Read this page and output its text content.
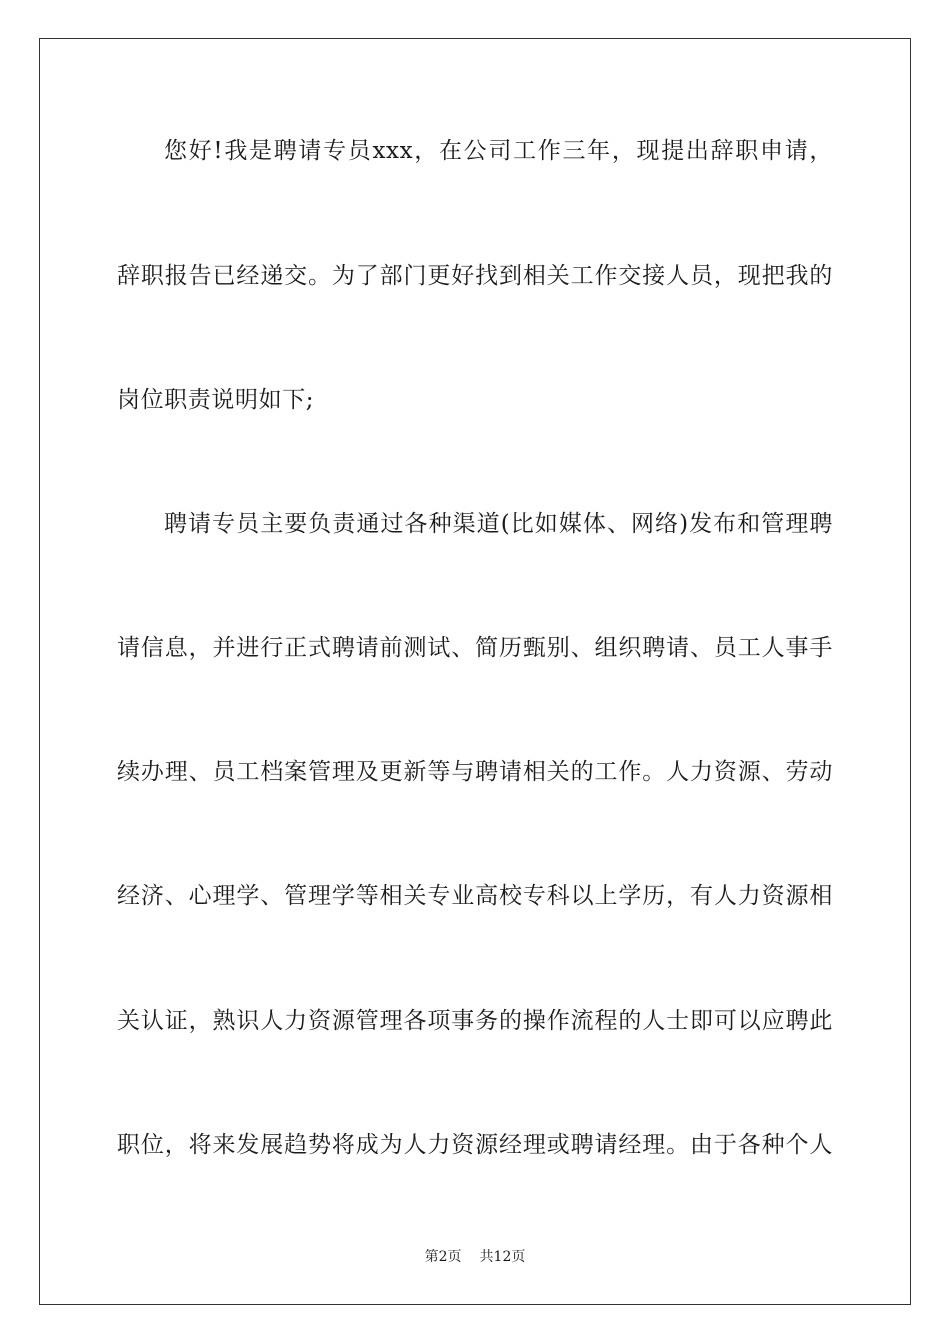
您好!我是聘请专员xxx，在公司工作三年，现提出辞职申请，
辞职报告已经递交。为了部门更好找到相关工作交接人员，现把我的
岗位职责说明如下;
聘请专员主要负责通过各种渠道(比如媒体、网络)发布和管理聘
请信息，并进行正式聘请前测试、简历甄别、组织聘请、员工人事手
续办理、员工档案管理及更新等与聘请相关的工作。人力资源、劳动
经济、心理学、管理学等相关专业高校专科以上学历，有人力资源相
关认证，熟识人力资源管理各项事务的操作流程的人士即可以应聘此
职位，将来发展趋势将成为人力资源经理或聘请经理。由于各种个人
第2页 共12页
